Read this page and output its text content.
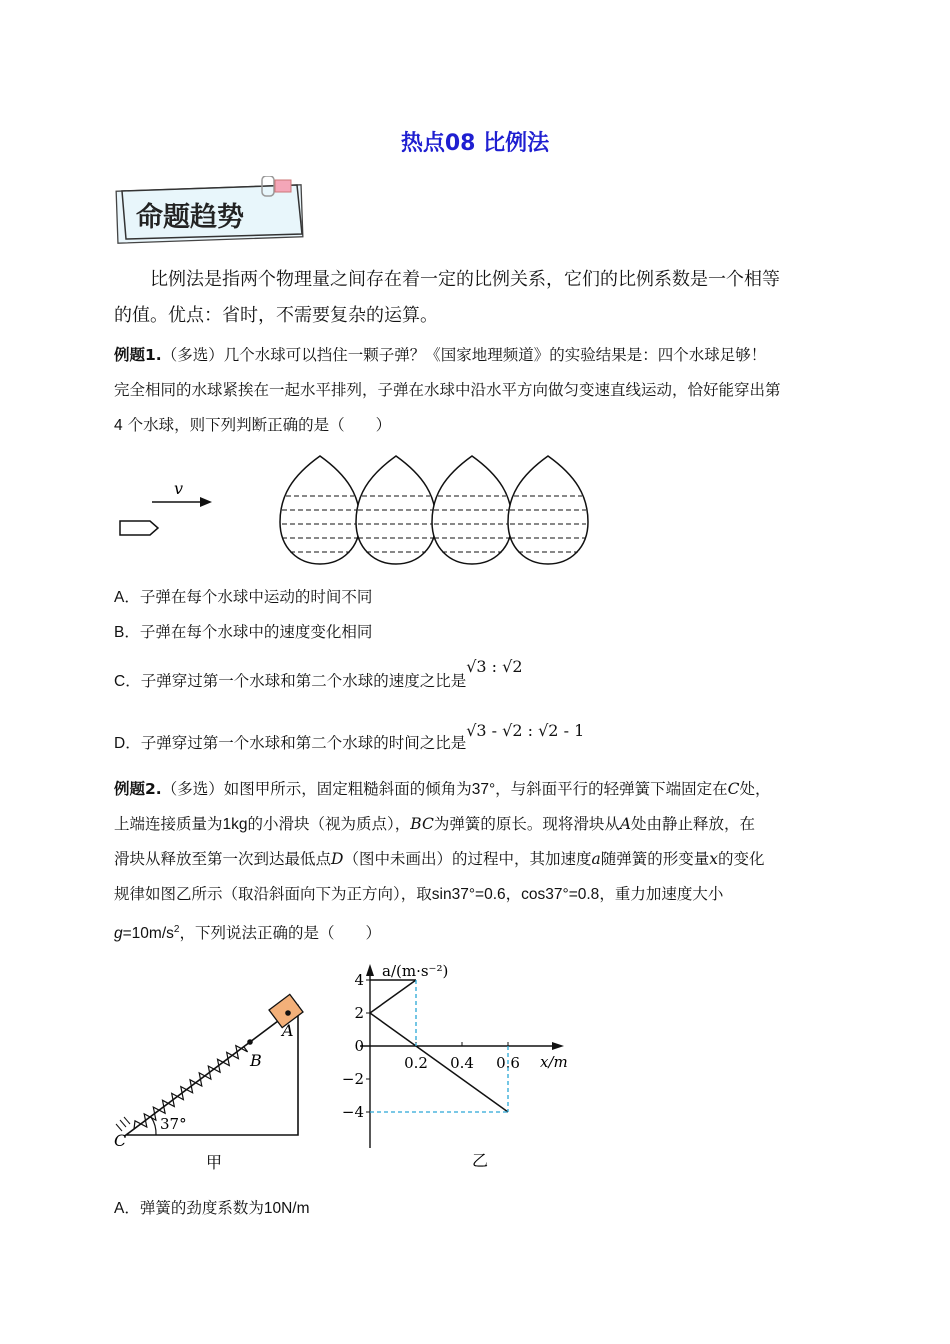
热点08 比例法
命题趋势
比例法是指两个物理量之间存在着一定的比例关系，它们的比例系数是一个相等
的值。优点：省时，不需要复杂的运算。
例题1.（多选）几个水球可以挡住一颗子弹？《国家地理频道》的实验结果是：四个水球足够！
完全相同的水球紧挨在一起水平排列，子弹在水球中沿水平方向做匀变速直线运动，恰好能穿出第
4 个水球，则下列判断正确的是（　　）
v
A．子弹在每个水球中运动的时间不同
B．子弹在每个水球中的速度变化相同
C．子弹穿过第一个水球和第二个水球的速度之比是√3 : √2
D．子弹穿过第一个水球和第二个水球的时间之比是√3 - √2 : √2 - 1
例题2.（多选）如图甲所示，固定粗糙斜面的倾角为37°，与斜面平行的轻弹簧下端固定在C处，
上端连接质量为1kg的小滑块（视为质点），BC为弹簧的原长。现将滑块从A处由静止释放，在
滑块从释放至第一次到达最低点D（图中未画出）的过程中，其加速度a随弹簧的形变量x的变化
规律如图乙所示（取沿斜面向下为正方向），取sin37°=0.6，cos37°=0.8，重力加速度大小
$g=10m/s^2$，下列说法正确的是（　　）
37°
A
B
C
甲
a/(m·s⁻²)
x/m
4
2
0
−2
−4
0.2 0.4 0.6
乙
A．弹簧的劲度系数为10N/m
